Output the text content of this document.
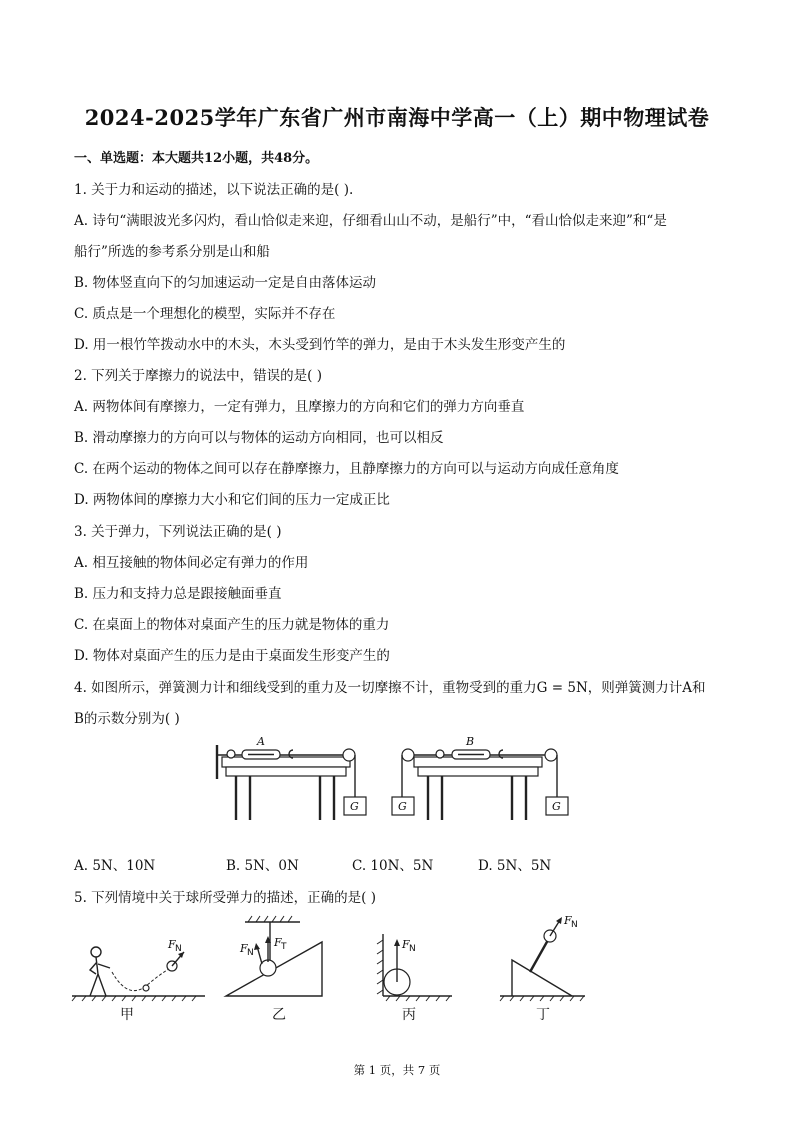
2024-2025学年广东省广州市南海中学高一（上）期中物理试卷
一、单选题：本大题共12小题，共48分。
1. 关于力和运动的描述，以下说法正确的是( ).
A. 诗句“满眼波光多闪灼，看山恰似走来迎，仔细看山山不动，是船行”中，“看山恰似走来迎”和“是
船行”所选的参考系分别是山和船
B. 物体竖直向下的匀加速运动一定是自由落体运动
C. 质点是一个理想化的模型，实际并不存在
D. 用一根竹竿拨动水中的木头，木头受到竹竿的弹力，是由于木头发生形变产生的
2. 下列关于摩擦力的说法中，错误的是( )
A. 两物体间有摩擦力，一定有弹力，且摩擦力的方向和它们的弹力方向垂直
B. 滑动摩擦力的方向可以与物体的运动方向相同，也可以相反
C. 在两个运动的物体之间可以存在静摩擦力，且静摩擦力的方向可以与运动方向成任意角度
D. 两物体间的摩擦力大小和它们间的压力一定成正比
3. 关于弹力，下列说法正确的是( )
A. 相互接触的物体间必定有弹力的作用
B. 压力和支持力总是跟接触面垂直
C. 在桌面上的物体对桌面产生的压力就是物体的重力
D. 物体对桌面产生的压力是由于桌面发生形变产生的
4. 如图所示，弹簧测力计和细线受到的重力及一切摩擦不计，重物受到的重力G = 5N，则弹簧测力计A和
B的示数分别为( )
A
G
B
G	G
A. 5N、10N	B. 5N、0N	C. 10N、5N	D. 5N、5N
5. 下列情境中关于球所受弹力的描述，正确的是( )
F N	F N
F T	F N
F N
甲	乙	丙	丁
第 1 页，共 7 页
